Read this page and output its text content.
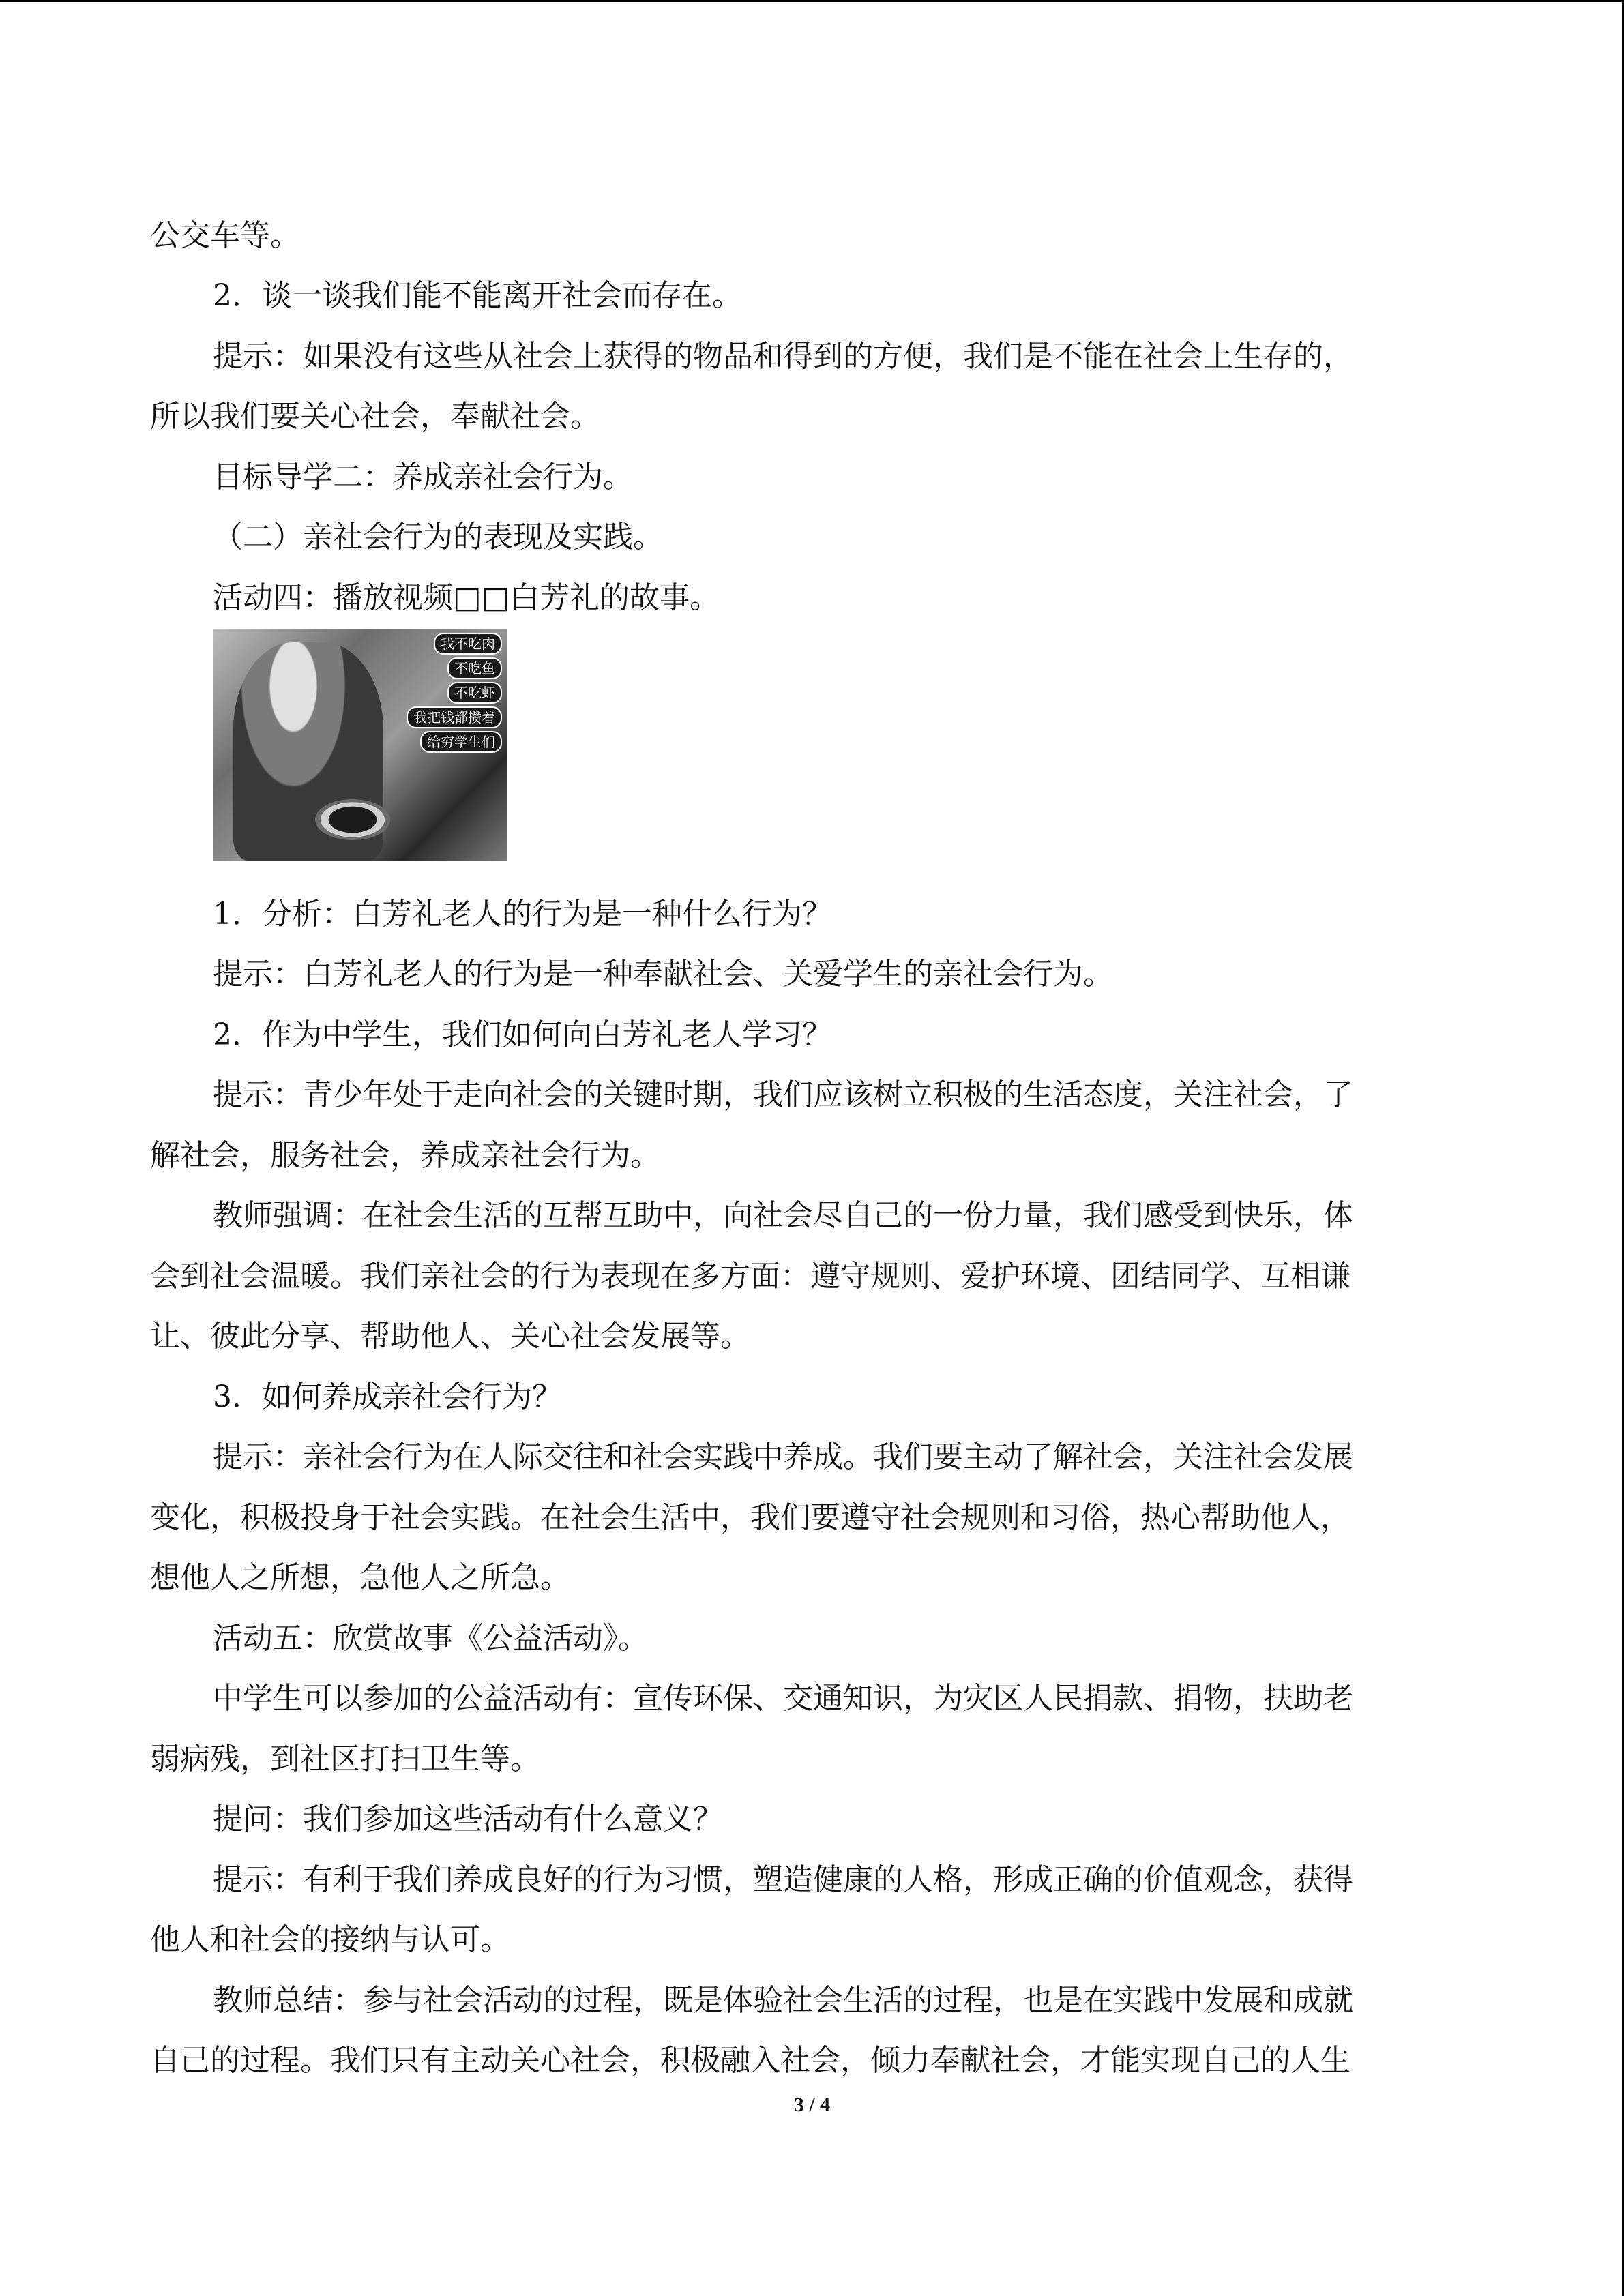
公交车等。
2．谈一谈我们能不能离开社会而存在。
提示：如果没有这些从社会上获得的物品和得到的方便，我们是不能在社会上生存的，
所以我们要关心社会，奉献社会。
目标导学二：养成亲社会行为。
（二）亲社会行为的表现及实践。
活动四：播放视频□□白芳礼的故事。
我不吃肉
不吃鱼
不吃虾
我把钱都攒着
给穷学生们
1．分析：白芳礼老人的行为是一种什么行为？
提示：白芳礼老人的行为是一种奉献社会、关爱学生的亲社会行为。
2．作为中学生，我们如何向白芳礼老人学习？
提示：青少年处于走向社会的关键时期，我们应该树立积极的生活态度，关注社会，了
解社会，服务社会，养成亲社会行为。
教师强调：在社会生活的互帮互助中，向社会尽自己的一份力量，我们感受到快乐，体
会到社会温暖。我们亲社会的行为表现在多方面：遵守规则、爱护环境、团结同学、互相谦
让、彼此分享、帮助他人、关心社会发展等。
3．如何养成亲社会行为？
提示：亲社会行为在人际交往和社会实践中养成。我们要主动了解社会，关注社会发展
变化，积极投身于社会实践。在社会生活中，我们要遵守社会规则和习俗，热心帮助他人，
想他人之所想，急他人之所急。
活动五：欣赏故事《公益活动》。
中学生可以参加的公益活动有：宣传环保、交通知识，为灾区人民捐款、捐物，扶助老
弱病残，到社区打扫卫生等。
提问：我们参加这些活动有什么意义？
提示：有利于我们养成良好的行为习惯，塑造健康的人格，形成正确的价值观念，获得
他人和社会的接纳与认可。
教师总结：参与社会活动的过程，既是体验社会生活的过程，也是在实践中发展和成就
自己的过程。我们只有主动关心社会，积极融入社会，倾力奉献社会，才能实现自己的人生
3 / 4
